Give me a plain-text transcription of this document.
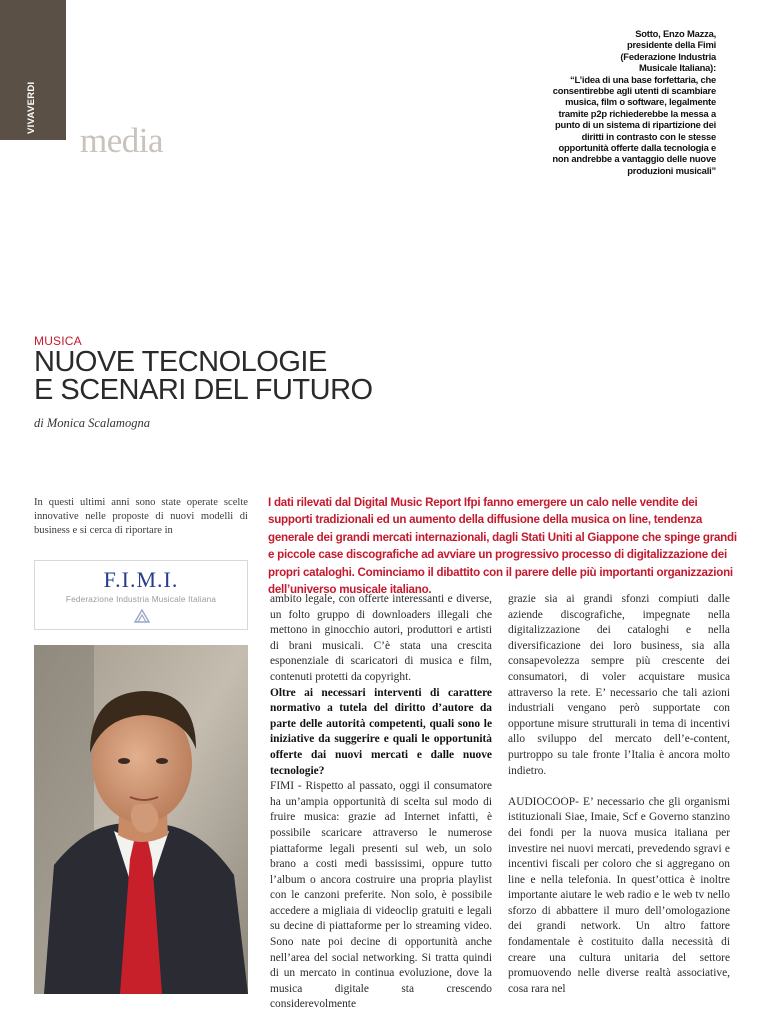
VIVAVERDI 26
media
Sotto, Enzo Mazza,
presidente della Fimi
(Federazione Industria
Musicale Italiana):
“L’idea di una base forfettaria, che
consentirebbe agli utenti di scambiare
musica, film o software, legalmente
tramite p2p richiederebbe la messa a
punto di un sistema di ripartizione dei
diritti in contrasto con le stesse
opportunità offerte dalla tecnologia e
non andrebbe a vantaggio delle nuove
produzioni musicali”
MUSICA
NUOVE TECNOLOGIE
E SCENARI DEL FUTURO
di Monica Scalamogna
In questi ultimi anni sono state operate scelte innovative nelle proposte di nuovi modelli di business e si cerca di riportare in
I dati rilevati dal Digital Music Report Ifpi fanno emergere un calo nelle vendite dei supporti tradizionali ed un aumento della diffusione della musica on line, tendenza generale dei grandi mercati internazionali, dagli Stati Uniti al Giappone che spinge grandi e piccole case discografiche ad avviare un progressivo processo di digitalizzazione dei propri cataloghi. Cominciamo il dibattito con il parere delle più importanti organizzazioni dell’universo musicale italiano.
F.I.M.I.
Federazione Industria Musicale Italiana	ambito legale, con offerte interessanti e diverse, un folto gruppo di downloaders illegali che mettono in ginocchio autori, produttori e artisti di brani musicali. C’è stata una crescita esponenziale di scaricatori di musica e film, contenuti protetti da copyright.

Oltre ai necessari interventi di carattere normativo a tutela del diritto d’autore da parte delle autorità competenti, quali sono le iniziative da suggerire e quali le opportunità offerte dai nuovi mercati e dalle nuove tecnologie?

FIMI - Rispetto al passato, oggi il consumatore ha un’ampia opportunità di scelta sul modo di fruire musica: grazie ad Internet infatti, è possibile scaricare attraverso le numerose piattaforme legali presenti sul web, un solo brano a costi medi bassissimi, oppure tutto l’album o ancora costruire una propria playlist con le canzoni preferite. Non solo, è possibile accedere a migliaia di videoclip gratuiti e legali su decine di piattaforme per lo streaming video. Sono nate poi decine di opportunità anche nell’area del social networking. Si tratta quindi di un mercato in continua evoluzione, dove la musica digitale sta crescendo considerevolmente

grazie sia ai grandi sfonzi compiuti dalle aziende discografiche, impegnate nella digitalizzazione dei cataloghi e nella diversificazione dei loro business, sia alla consapevolezza sempre più crescente dei consumatori, di voler acquistare musica attraverso la rete. E’ necessario che tali azioni industriali vengano però supportate con opportune misure strutturali in tema di incentivi allo sviluppo del mercato dell’e-content, purtroppo su tale fronte l’Italia è ancora molto indietro.

AUDIOCOOP- E’ necessario che gli organismi istituzionali Siae, Imaie, Scf e Governo stanzino dei fondi per la nuova musica italiana per investire nei nuovi mercati, prevedendo sgravi e incentivi fiscali per coloro che si aggregano on line e nella telefonia. In quest’ottica è inoltre importante aiutare le web radio e le web tv nello sforzo di abbattere il muro dell’omologazione dei grandi network. Un altro fattore fondamentale è costituito dalla necessità di creare una cultura unitaria del settore promuovendo nelle diverse realtà associative, cosa rara nel
